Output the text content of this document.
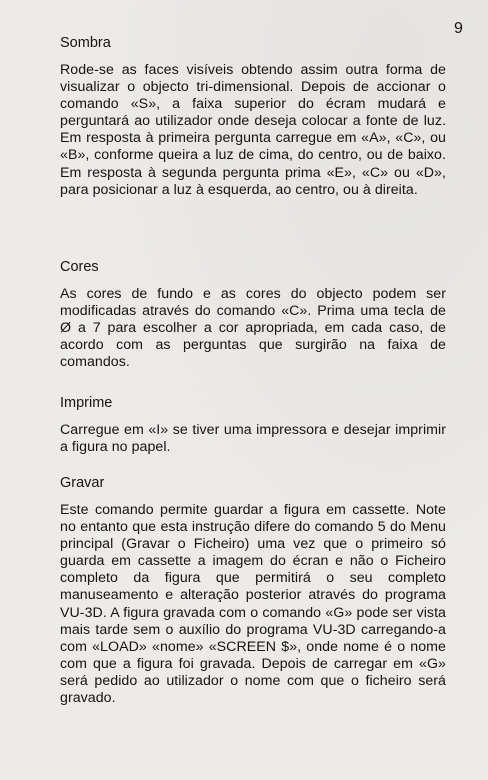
9
Sombra

Rode-se as faces visíveis obtendo assim outra forma de visualizar o objecto tri-dimensional. Depois de accionar o comando «S», a faixa superior do écram mudará e perguntará ao utilizador onde deseja colocar a fonte de luz. Em resposta à primeira pergunta carregue em «A», «C», ou «B», conforme queira a luz de cima, do centro, ou de baixo. Em resposta à segunda pergunta prima «E», «C» ou «D», para posicionar a luz à esquerda, ao centro, ou à direita.

Cores

As cores de fundo e as cores do objecto podem ser modificadas através do comando «C». Prima uma tecla de Ø a 7 para escolher a cor apropriada, em cada caso, de acordo com as perguntas que surgirão na faixa de comandos.

Imprime

Carregue em «I» se tiver uma impressora e desejar imprimir a figura no papel.

Gravar

Este comando permite guardar a figura em cassette. Note no entanto que esta instrução difere do comando 5 do Menu principal (Gravar o Ficheiro) uma vez que o primeiro só guarda em cassette a imagem do écran e não o Ficheiro completo da figura que permitirá o seu completo manuseamento e alteração posterior através do programa VU-3D. A figura gravada com o comando «G» pode ser vista mais tarde sem o auxílio do programa VU-3D carregando-a com «LOAD» «nome» «SCREEN $», onde nome é o nome com que a figura foi gravada. Depois de carregar em «G» será pedido ao utilizador o nome com que o ficheiro será gravado.
